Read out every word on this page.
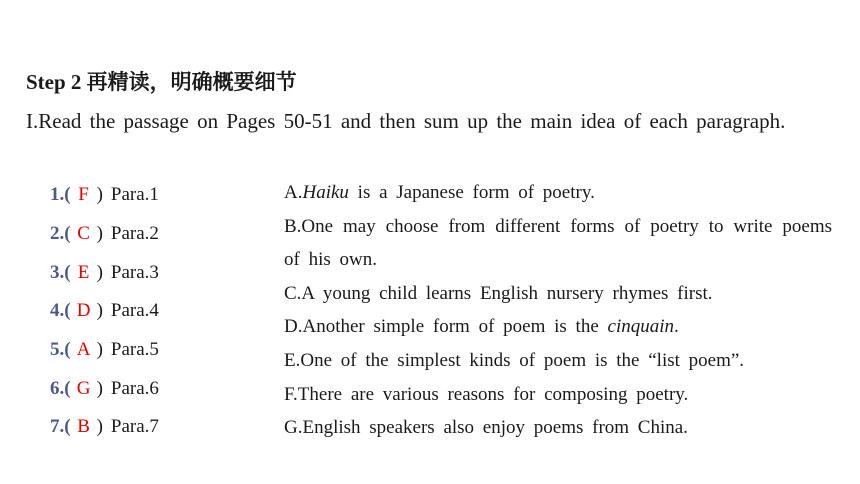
Step 2 再精读，明确概要细节
I.Read the passage on Pages 50-51 and then sum up the main idea of each paragraph.
1.( F ) Para.1
2.( C ) Para.2
3.( E ) Para.3
4.( D ) Para.4
5.( A ) Para.5
6.( G ) Para.6
7.( B ) Para.7
A.Haiku is a Japanese form of poetry.
B.One may choose from different forms of poetry to write poems of his own.
C.A young child learns English nursery rhymes first.
D.Another simple form of poem is the cinquain.
E.One of the simplest kinds of poem is the “list poem”.
F.There are various reasons for composing poetry.
G.English speakers also enjoy poems from China.
